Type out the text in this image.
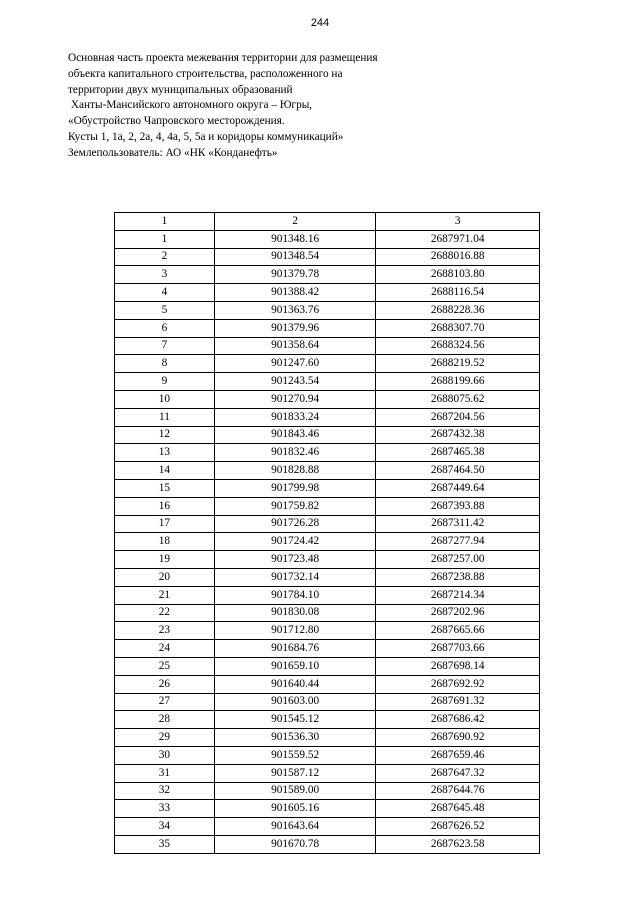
244
Основная часть проекта межевания территории для размещения
объекта капитального строительства, расположенного на
территории двух муниципальных образований
Ханты-Мансийского автономного округа – Югры,
«Обустройство Чапровского месторождения.
Кусты 1, 1а, 2, 2а, 4, 4а, 5, 5а и коридоры коммуникаций»
Землепользователь: АО «НК «Конданефть»
1	2	3
1	901348.16	2687971.04
2	901348.54	2688016.88
3	901379.78	2688103.80
4	901388.42	2688116.54
5	901363.76	2688228.36
6	901379.96	2688307.70
7	901358.64	2688324.56
8	901247.60	2688219.52
9	901243.54	2688199.66
10	901270.94	2688075.62
11	901833.24	2687204.56
12	901843.46	2687432.38
13	901832.46	2687465.38
14	901828.88	2687464.50
15	901799.98	2687449.64
16	901759.82	2687393.88
17	901726.28	2687311.42
18	901724.42	2687277.94
19	901723.48	2687257.00
20	901732.14	2687238.88
21	901784.10	2687214.34
22	901830.08	2687202.96
23	901712.80	2687665.66
24	901684.76	2687703.66
25	901659.10	2687698.14
26	901640.44	2687692.92
27	901603.00	2687691.32
28	901545.12	2687686.42
29	901536.30	2687690.92
30	901559.52	2687659.46
31	901587.12	2687647.32
32	901589.00	2687644.76
33	901605.16	2687645.48
34	901643.64	2687626.52
35	901670.78	2687623.58
